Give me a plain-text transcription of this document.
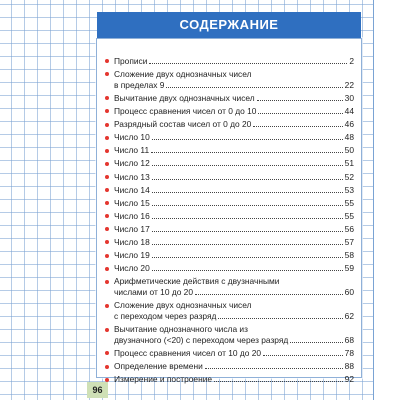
СОДЕРЖАНИЕ
Прописи	2
Сложение двух однозначных чисел
в пределах 9	22
Вычитание двух однозначных чисел	30
Процесс сравнения чисел от 0 до 10	44
Разрядный состав чисел от 0 до 20	46
Число 10	48
Число 11	50
Число 12	51
Число 13	52
Число 14	53
Число 15	55
Число 16	55
Число 17	56
Число 18	57
Число 19	58
Число 20	59
Арифметические действия с двузначными
числами от 10 до 20	60
Сложение двух однозначных чисел
с переходом через разряд	62
Вычитание однозначного числа из
двузначного (<20) с переходом через разряд	68
Процесс сравнения чисел от 10 до 20	78
Определение времени	88
Измерение и построение	92
96
